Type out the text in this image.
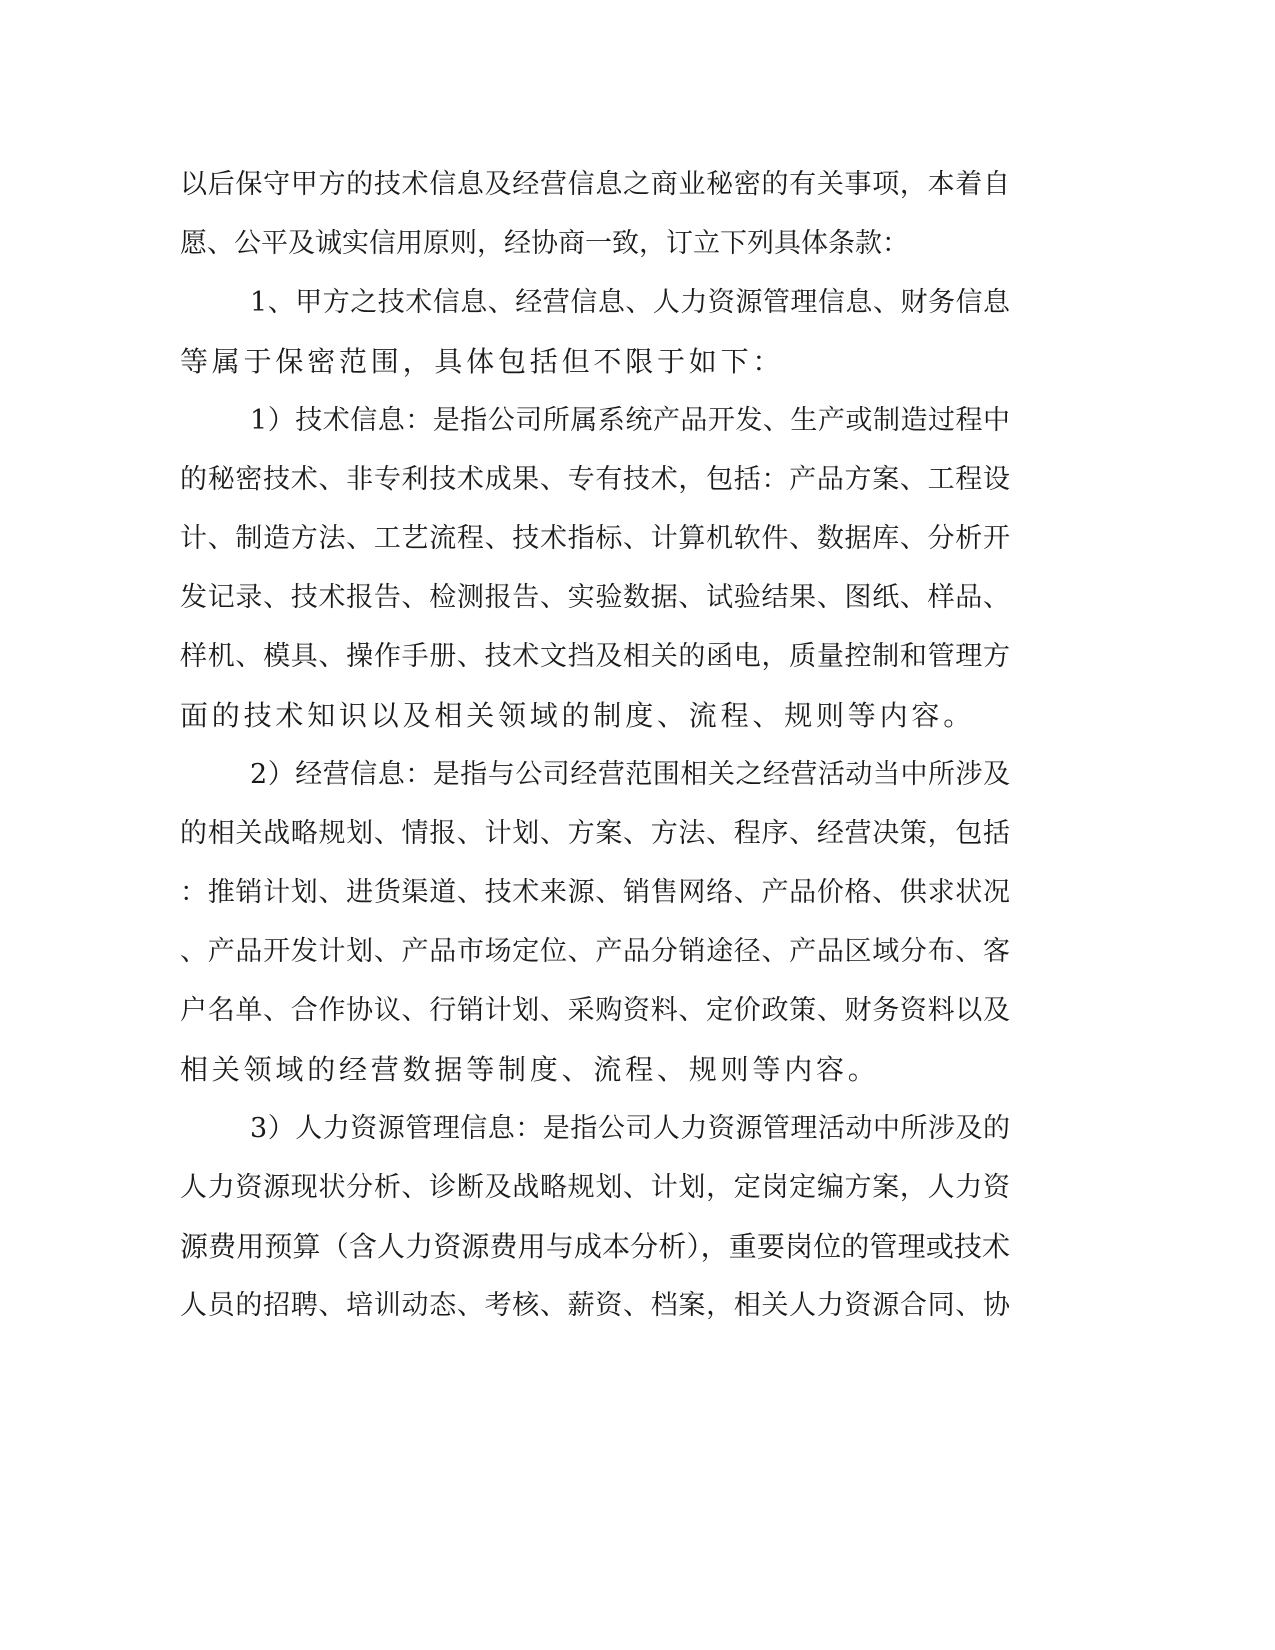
以后保守甲方的技术信息及经营信息之商业秘密的有关事项，本着自
愿、公平及诚实信用原则，经协商一致，订立下列具体条款：
1、甲方之技术信息、经营信息、人力资源管理信息、财务信息
等属于保密范围，具体包括但不限于如下：
1）技术信息：是指公司所属系统产品开发、生产或制造过程中
的秘密技术、非专利技术成果、专有技术，包括：产品方案、工程设
计、制造方法、工艺流程、技术指标、计算机软件、数据库、分析开
发记录、技术报告、检测报告、实验数据、试验结果、图纸、样品、
样机、模具、操作手册、技术文挡及相关的函电，质量控制和管理方
面的技术知识以及相关领域的制度、流程、规则等内容。
2）经营信息：是指与公司经营范围相关之经营活动当中所涉及
的相关战略规划、情报、计划、方案、方法、程序、经营决策，包括
：推销计划、进货渠道、技术来源、销售网络、产品价格、供求状况
、产品开发计划、产品市场定位、产品分销途径、产品区域分布、客
户名单、合作协议、行销计划、采购资料、定价政策、财务资料以及
相关领域的经营数据等制度、流程、规则等内容。
3）人力资源管理信息：是指公司人力资源管理活动中所涉及的
人力资源现状分析、诊断及战略规划、计划，定岗定编方案，人力资
源费用预算（含人力资源费用与成本分析），重要岗位的管理或技术
人员的招聘、培训动态、考核、薪资、档案，相关人力资源合同、协
